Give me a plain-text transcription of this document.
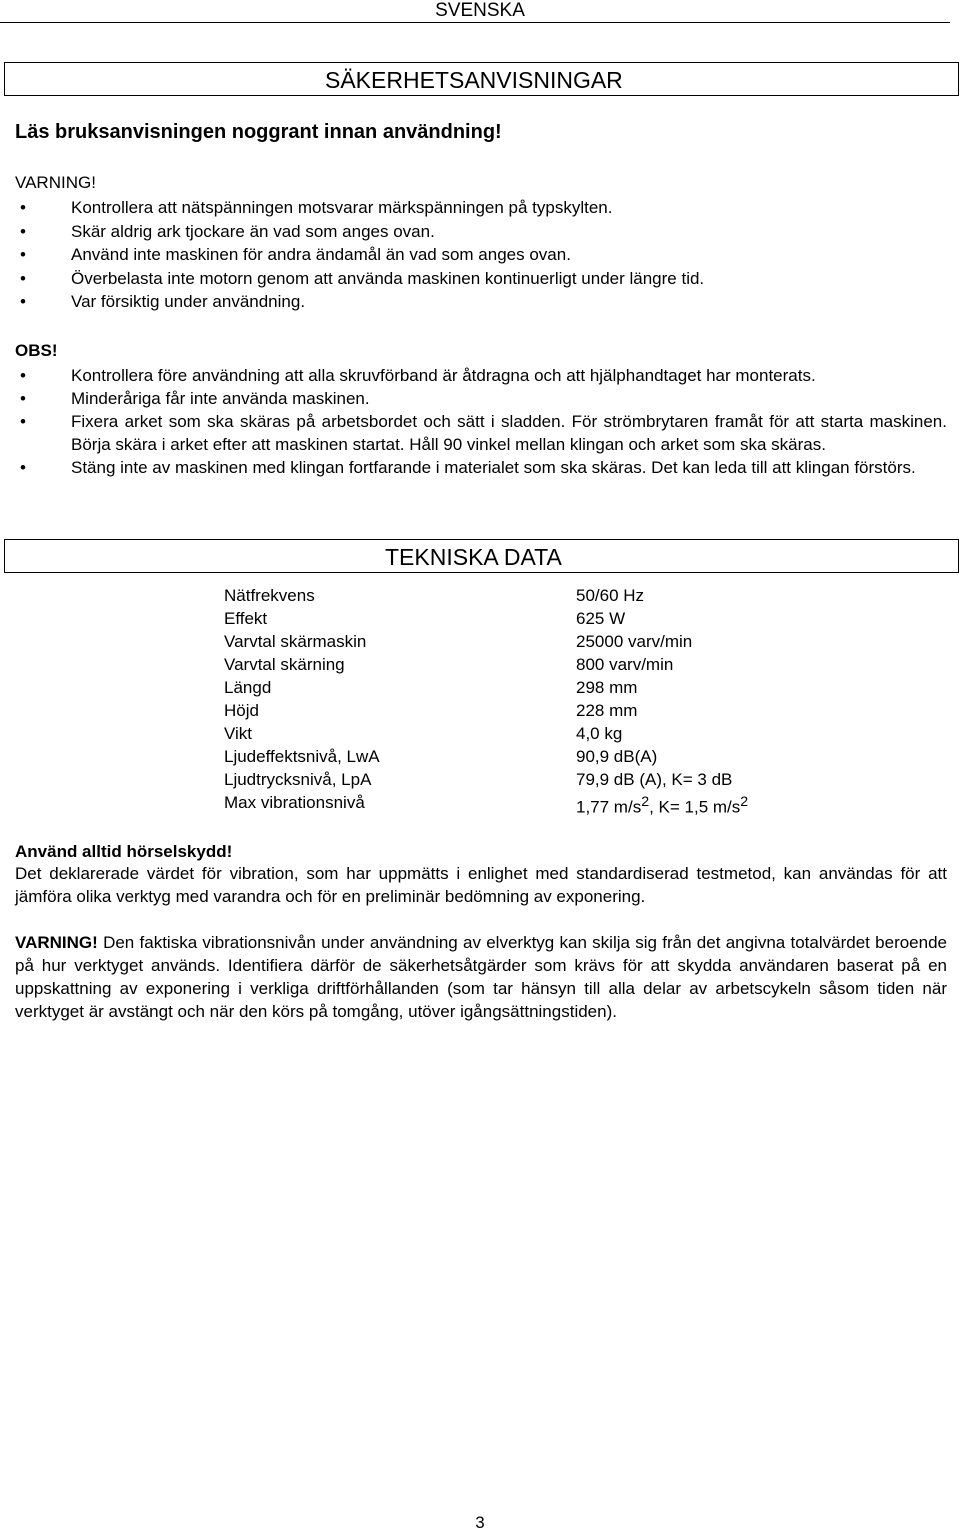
SVENSKA
SÄKERHETSANVISNINGAR
Läs bruksanvisningen noggrant innan användning!
VARNING!
• Kontrollera att nätspänningen motsvarar märkspänningen på typskylten.
• Skär aldrig ark tjockare än vad som anges ovan.
• Använd inte maskinen för andra ändamål än vad som anges ovan.
• Överbelasta inte motorn genom att använda maskinen kontinuerligt under längre tid.
• Var försiktig under användning.
OBS!
• Kontrollera före användning att alla skruvförband är åtdragna och att hjälphandtaget har monterats.
• Minderåriga får inte använda maskinen.
• Fixera arket som ska skäras på arbetsbordet och sätt i sladden. För strömbrytaren framåt för att starta maskinen. Börja skära i arket efter att maskinen startat. Håll 90 vinkel mellan klingan och arket som ska skäras.
• Stäng inte av maskinen med klingan fortfarande i materialet som ska skäras. Det kan leda till att klingan förstörs.
TEKNISKA DATA
Nätfrekvens	50/60 Hz
Effekt	625 W
Varvtal skärmaskin	25000 varv/min
Varvtal skärning	800 varv/min
Längd	298 mm
Höjd	228 mm
Vikt	4,0 kg
Ljudeffektsnivå, LwA	90,9 dB(A)
Ljudtrycksnivå, LpA	79,9 dB (A), K= 3 dB
Max vibrationsnivå	1,77 $m/s^2$, K= 1,5 $m/s^2$
Använd alltid hörselskydd!
Det deklarerade värdet för vibration, som har uppmätts i enlighet med standardiserad testmetod, kan användas för att jämföra olika verktyg med varandra och för en preliminär bedömning av exponering.
VARNING! Den faktiska vibrationsnivån under användning av elverktyg kan skilja sig från det angivna totalvärdet beroende på hur verktyget används. Identifiera därför de säkerhetsåtgärder som krävs för att skydda användaren baserat på en uppskattning av exponering i verkliga driftförhållanden (som tar hänsyn till alla delar av arbetscykeln såsom tiden när verktyget är avstängt och när den körs på tomgång, utöver igångsättningstiden).
3
